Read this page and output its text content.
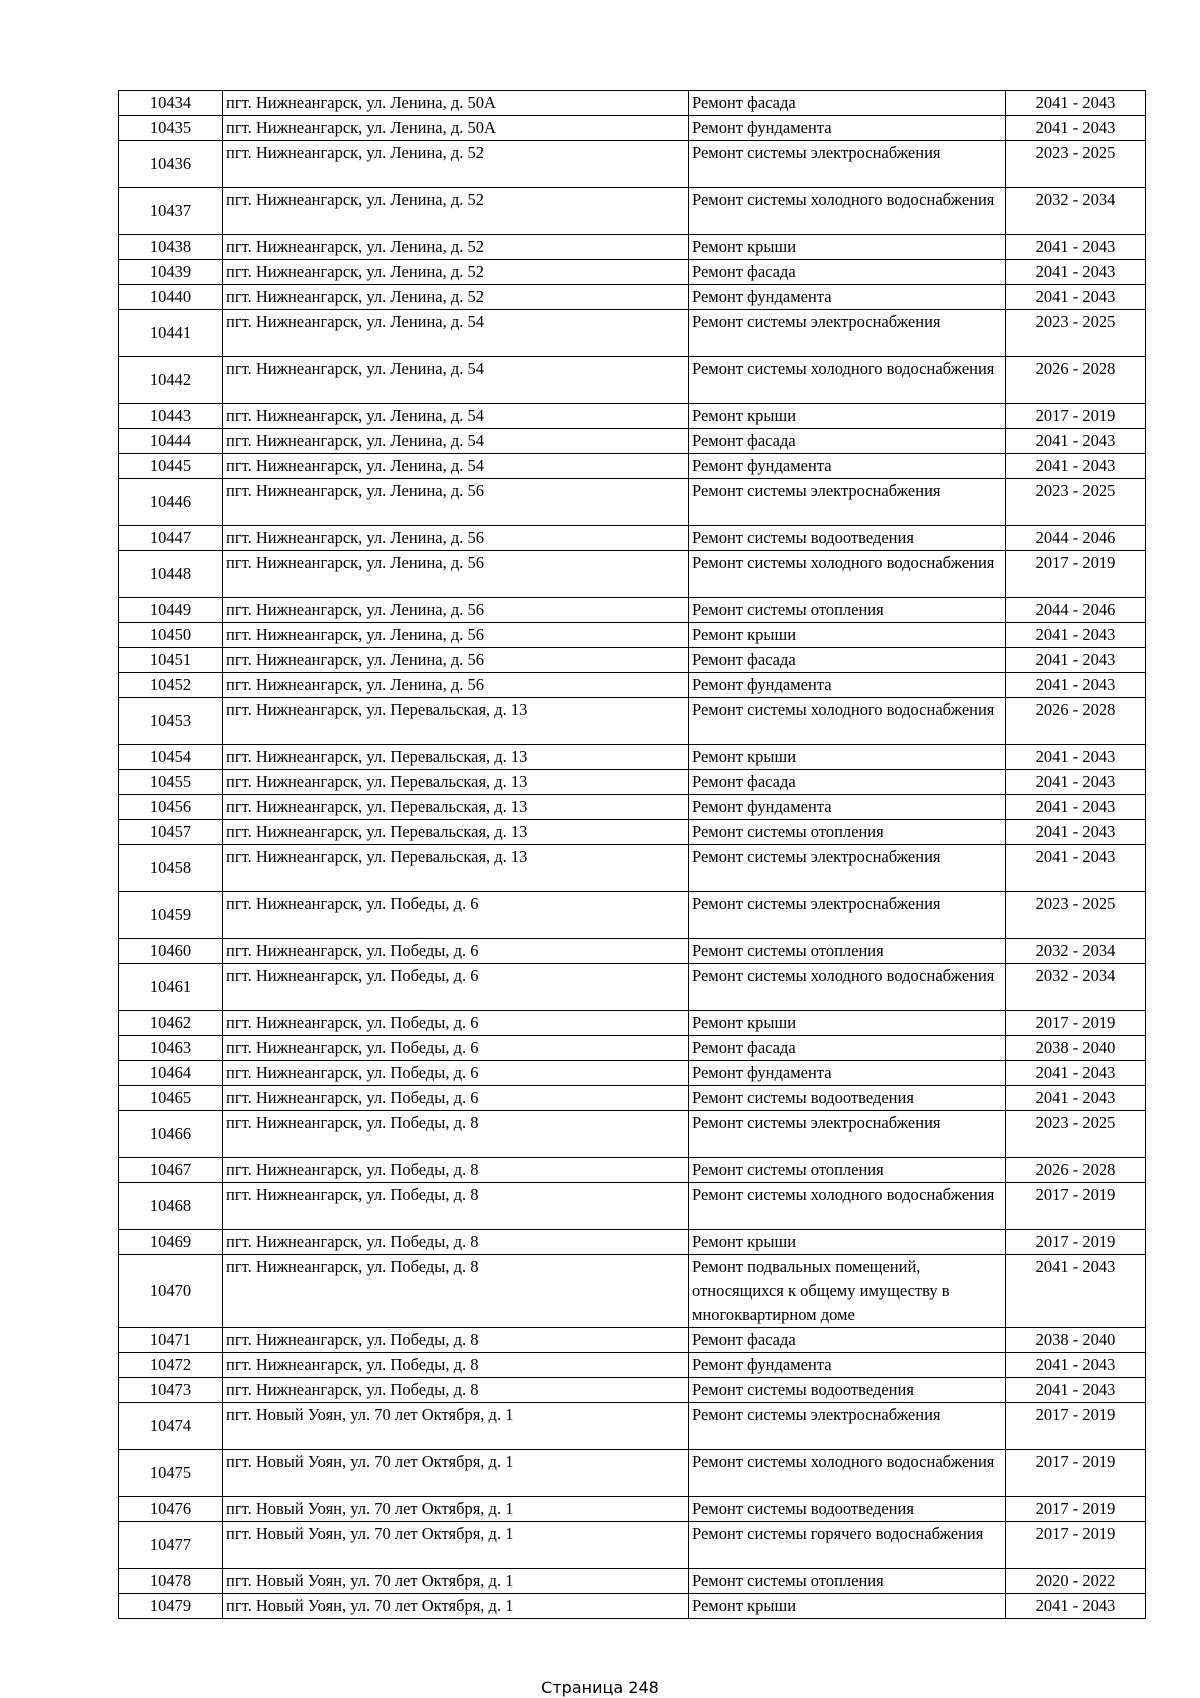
10434	пгт. Нижнеангарск, ул. Ленина, д. 50А	Ремонт фасада	2041 - 2043
10435	пгт. Нижнеангарск, ул. Ленина, д. 50А	Ремонт фундамента	2041 - 2043
10436	пгт. Нижнеангарск, ул. Ленина, д. 52	Ремонт системы электроснабжения	2023 - 2025
10437	пгт. Нижнеангарск, ул. Ленина, д. 52	Ремонт системы холодного водоснабжения	2032 - 2034
10438	пгт. Нижнеангарск, ул. Ленина, д. 52	Ремонт крыши	2041 - 2043
10439	пгт. Нижнеангарск, ул. Ленина, д. 52	Ремонт фасада	2041 - 2043
10440	пгт. Нижнеангарск, ул. Ленина, д. 52	Ремонт фундамента	2041 - 2043
10441	пгт. Нижнеангарск, ул. Ленина, д. 54	Ремонт системы электроснабжения	2023 - 2025
10442	пгт. Нижнеангарск, ул. Ленина, д. 54	Ремонт системы холодного водоснабжения	2026 - 2028
10443	пгт. Нижнеангарск, ул. Ленина, д. 54	Ремонт крыши	2017 - 2019
10444	пгт. Нижнеангарск, ул. Ленина, д. 54	Ремонт фасада	2041 - 2043
10445	пгт. Нижнеангарск, ул. Ленина, д. 54	Ремонт фундамента	2041 - 2043
10446	пгт. Нижнеангарск, ул. Ленина, д. 56	Ремонт системы электроснабжения	2023 - 2025
10447	пгт. Нижнеангарск, ул. Ленина, д. 56	Ремонт системы водоотведения	2044 - 2046
10448	пгт. Нижнеангарск, ул. Ленина, д. 56	Ремонт системы холодного водоснабжения	2017 - 2019
10449	пгт. Нижнеангарск, ул. Ленина, д. 56	Ремонт системы отопления	2044 - 2046
10450	пгт. Нижнеангарск, ул. Ленина, д. 56	Ремонт крыши	2041 - 2043
10451	пгт. Нижнеангарск, ул. Ленина, д. 56	Ремонт фасада	2041 - 2043
10452	пгт. Нижнеангарск, ул. Ленина, д. 56	Ремонт фундамента	2041 - 2043
10453	пгт. Нижнеангарск, ул. Перевальская, д. 13	Ремонт системы холодного водоснабжения	2026 - 2028
10454	пгт. Нижнеангарск, ул. Перевальская, д. 13	Ремонт крыши	2041 - 2043
10455	пгт. Нижнеангарск, ул. Перевальская, д. 13	Ремонт фасада	2041 - 2043
10456	пгт. Нижнеангарск, ул. Перевальская, д. 13	Ремонт фундамента	2041 - 2043
10457	пгт. Нижнеангарск, ул. Перевальская, д. 13	Ремонт системы отопления	2041 - 2043
10458	пгт. Нижнеангарск, ул. Перевальская, д. 13	Ремонт системы электроснабжения	2041 - 2043
10459	пгт. Нижнеангарск, ул. Победы, д. 6	Ремонт системы электроснабжения	2023 - 2025
10460	пгт. Нижнеангарск, ул. Победы, д. 6	Ремонт системы отопления	2032 - 2034
10461	пгт. Нижнеангарск, ул. Победы, д. 6	Ремонт системы холодного водоснабжения	2032 - 2034
10462	пгт. Нижнеангарск, ул. Победы, д. 6	Ремонт крыши	2017 - 2019
10463	пгт. Нижнеангарск, ул. Победы, д. 6	Ремонт фасада	2038 - 2040
10464	пгт. Нижнеангарск, ул. Победы, д. 6	Ремонт фундамента	2041 - 2043
10465	пгт. Нижнеангарск, ул. Победы, д. 6	Ремонт системы водоотведения	2041 - 2043
10466	пгт. Нижнеангарск, ул. Победы, д. 8	Ремонт системы электроснабжения	2023 - 2025
10467	пгт. Нижнеангарск, ул. Победы, д. 8	Ремонт системы отопления	2026 - 2028
10468	пгт. Нижнеангарск, ул. Победы, д. 8	Ремонт системы холодного водоснабжения	2017 - 2019
10469	пгт. Нижнеангарск, ул. Победы, д. 8	Ремонт крыши	2017 - 2019
10470	пгт. Нижнеангарск, ул. Победы, д. 8	Ремонт подвальных помещений, относящихся к общему имуществу в многоквартирном доме	2041 - 2043
10471	пгт. Нижнеангарск, ул. Победы, д. 8	Ремонт фасада	2038 - 2040
10472	пгт. Нижнеангарск, ул. Победы, д. 8	Ремонт фундамента	2041 - 2043
10473	пгт. Нижнеангарск, ул. Победы, д. 8	Ремонт системы водоотведения	2041 - 2043
10474	пгт. Новый Уоян, ул. 70 лет Октября, д. 1	Ремонт системы электроснабжения	2017 - 2019
10475	пгт. Новый Уоян, ул. 70 лет Октября, д. 1	Ремонт системы холодного водоснабжения	2017 - 2019
10476	пгт. Новый Уоян, ул. 70 лет Октября, д. 1	Ремонт системы водоотведения	2017 - 2019
10477	пгт. Новый Уоян, ул. 70 лет Октября, д. 1	Ремонт системы горячего водоснабжения	2017 - 2019
10478	пгт. Новый Уоян, ул. 70 лет Октября, д. 1	Ремонт системы отопления	2020 - 2022
10479	пгт. Новый Уоян, ул. 70 лет Октября, д. 1	Ремонт крыши	2041 - 2043
Страница 248
